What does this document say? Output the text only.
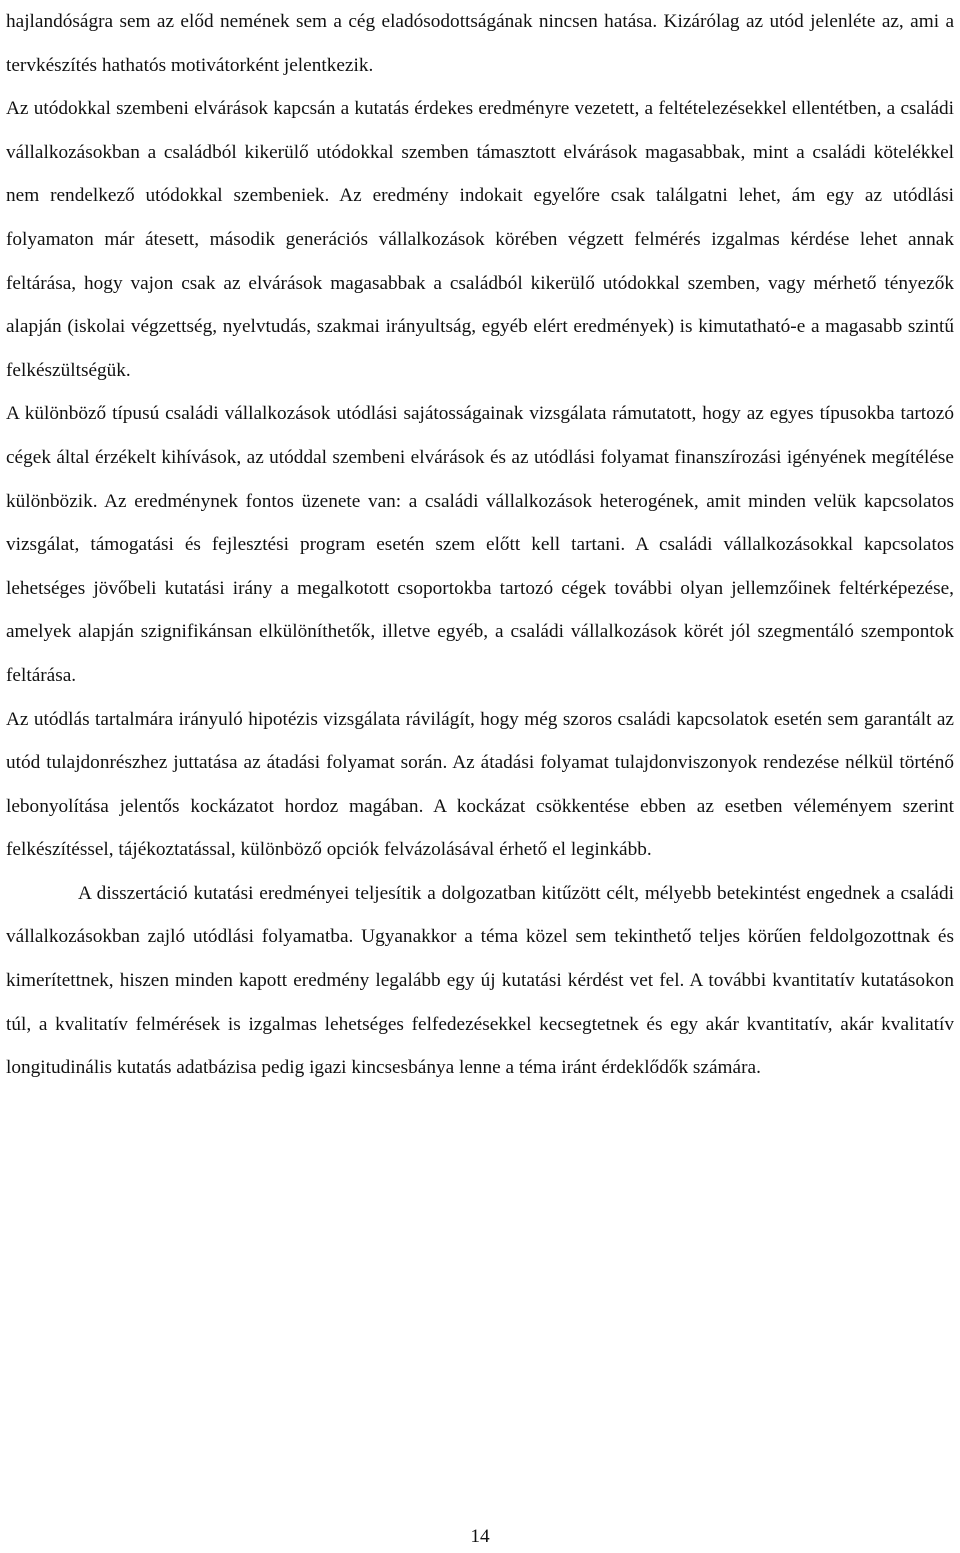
hajlandóságra sem az előd nemének sem a cég eladósodottságának nincsen hatása. Kizárólag az utód jelenléte az, ami a tervkészítés hathatós motivátorként jelentkezik.

Az utódokkal szembeni elvárások kapcsán a kutatás érdekes eredményre vezetett, a feltételezésekkel ellentétben, a családi vállalkozásokban a családból kikerülő utódokkal szemben támasztott elvárások magasabbak, mint a családi kötelékkel nem rendelkező utódokkal szembeniek. Az eredmény indokait egyelőre csak találgatni lehet, ám egy az utódlási folyamaton már átesett, második generációs vállalkozások körében végzett felmérés izgalmas kérdése lehet annak feltárása, hogy vajon csak az elvárások magasabbak a családból kikerülő utódokkal szemben, vagy mérhető tényezők alapján (iskolai végzettség, nyelvtudás, szakmai irányultság, egyéb elért eredmények) is kimutatható-e a magasabb szintű felkészültségük.

A különböző típusú családi vállalkozások utódlási sajátosságainak vizsgálata rámutatott, hogy az egyes típusokba tartozó cégek által érzékelt kihívások, az utóddal szembeni elvárások és az utódlási folyamat finanszírozási igényének megítélése különbözik. Az eredménynek fontos üzenete van: a családi vállalkozások heterogének, amit minden velük kapcsolatos vizsgálat, támogatási és fejlesztési program esetén szem előtt kell tartani. A családi vállalkozásokkal kapcsolatos lehetséges jövőbeli kutatási irány a megalkotott csoportokba tartozó cégek további olyan jellemzőinek feltérképezése, amelyek alapján szignifikánsan elkülöníthetők, illetve egyéb, a családi vállalkozások körét jól szegmentáló szempontok feltárása.

Az utódlás tartalmára irányuló hipotézis vizsgálata rávilágít, hogy még szoros családi kapcsolatok esetén sem garantált az utód tulajdonrészhez juttatása az átadási folyamat során. Az átadási folyamat tulajdonviszonyok rendezése nélkül történő lebonyolítása jelentős kockázatot hordoz magában. A kockázat csökkentése ebben az esetben véleményem szerint felkészítéssel, tájékoztatással, különböző opciók felvázolásával érhető el leginkább.

A disszertáció kutatási eredményei teljesítik a dolgozatban kitűzött célt, mélyebb betekintést engednek a családi vállalkozásokban zajló utódlási folyamatba. Ugyanakkor a téma közel sem tekinthető teljes körűen feldolgozottnak és kimerítettnek, hiszen minden kapott eredmény legalább egy új kutatási kérdést vet fel. A további kvantitatív kutatásokon túl, a kvalitatív felmérések is izgalmas lehetséges felfedezésekkel kecsegtetnek és egy akár kvantitatív, akár kvalitatív longitudinális kutatás adatbázisa pedig igazi kincsesbánya lenne a téma iránt érdeklődők számára.

14
